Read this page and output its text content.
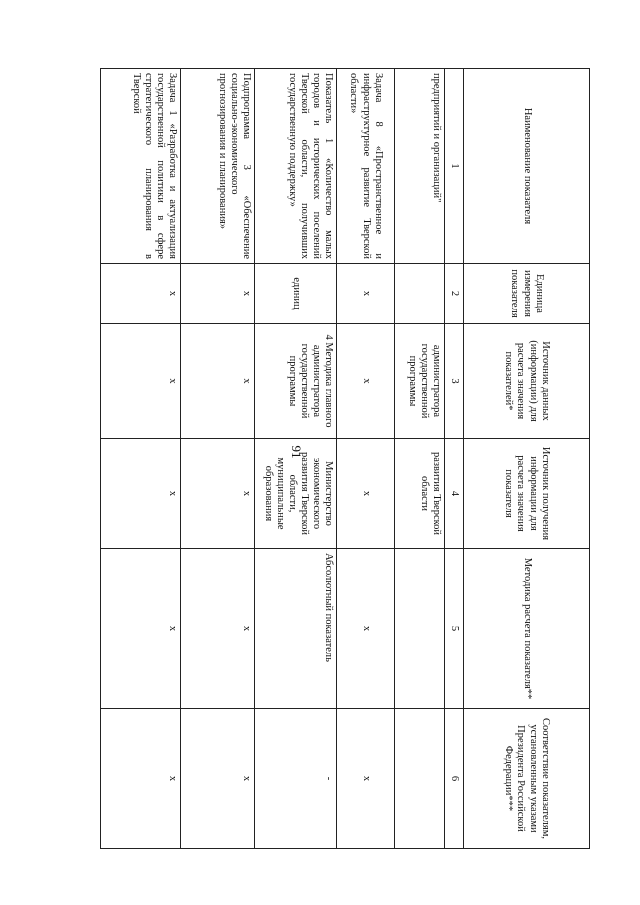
91
Наименование показателя	Единица измерения показателя	Источник данных (информации) для расчета значения показателей*	Источник получения информации для расчета значения показателя	Методика расчета показателя**	Соответствие показателям, установленным указами Президента Российской Федерации***
1	2	3	4	5	6
предприятий и организаций"		администратора государственной программы	развития Тверской области		
Задача 8 «Пространственное и инфраструктурное развитие Тверской области»	х	х	х	х	х
Показатель 1 «Количество малых городов и исторических поселений Тверской области, получивших государственную поддержку»	единиц	4 Методика главного администратора государственной программы	Министерство экономического развития Тверской области, муниципальные образования	Абсолютный показатель	-
Подпрограмма 3 «Обеспечение социально-экономического прогнозирования и планирования»	х	х	х	х	х
Задача 1 «Разработка и актуализация государственной политики в сфере стратегического планирования в Тверской	х	х	х	х	х
